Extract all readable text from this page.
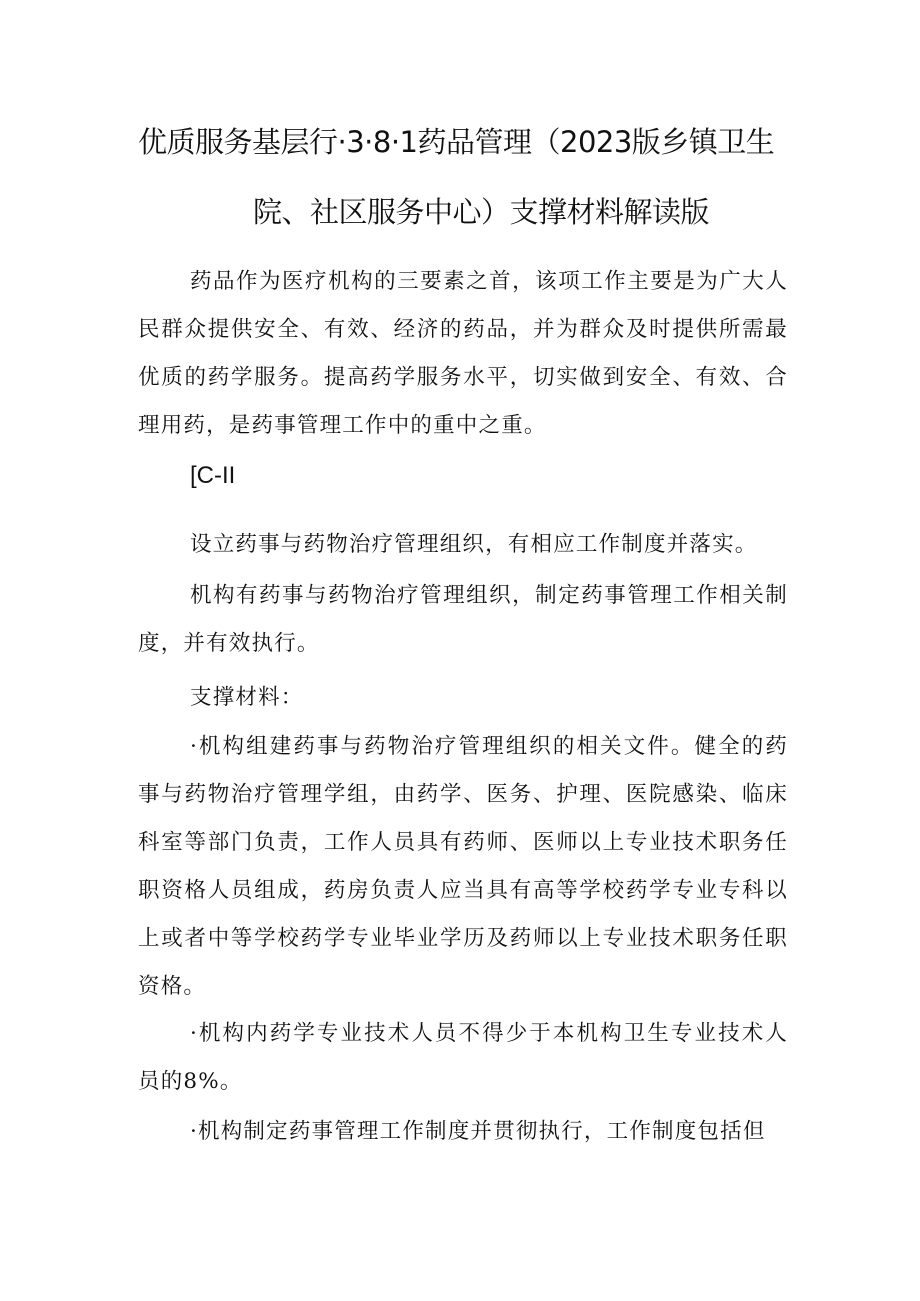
优质服务基层行·3·8·1药品管理（2023版乡镇卫生
院、社区服务中心）支撑材料解读版

药品作为医疗机构的三要素之首，该项工作主要是为广大人民群众提供安全、有效、经济的药品，并为群众及时提供所需最优质的药学服务。提高药学服务水平，切实做到安全、有效、合理用药，是药事管理工作中的重中之重。

[C-II

设立药事与药物治疗管理组织，有相应工作制度并落实。

机构有药事与药物治疗管理组织，制定药事管理工作相关制度，并有效执行。

支撑材料：

·机构组建药事与药物治疗管理组织的相关文件。健全的药事与药物治疗管理学组，由药学、医务、护理、医院感染、临床科室等部门负责，工作人员具有药师、医师以上专业技术职务任职资格人员组成，药房负责人应当具有高等学校药学专业专科以上或者中等学校药学专业毕业学历及药师以上专业技术职务任职资格。

·机构内药学专业技术人员不得少于本机构卫生专业技术人员的8%。

·机构制定药事管理工作制度并贯彻执行，工作制度包括但
